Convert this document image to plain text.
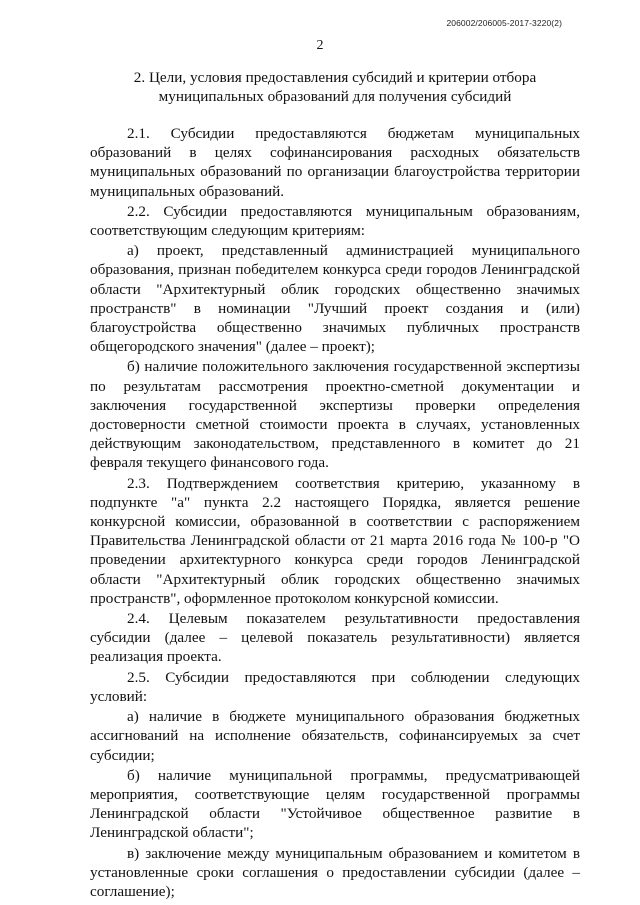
206002/206005-2017-3220(2)
2
2. Цели, условия предоставления субсидий и критерии отбора муниципальных образований для получения субсидий

2.1. Субсидии предоставляются бюджетам муниципальных образований в целях софинансирования расходных обязательств муниципальных образований по организации благоустройства территории муниципальных образований.

2.2. Субсидии предоставляются муниципальным образованиям, соответствующим следующим критериям:

а) проект, представленный администрацией муниципального образования, признан победителем конкурса среди городов Ленинградской области "Архитектурный облик городских общественно значимых пространств" в номинации "Лучший проект создания и (или) благоустройства общественно значимых публичных пространств общегородского значения" (далее – проект);

б) наличие положительного заключения государственной экспертизы по результатам рассмотрения проектно-сметной документации и заключения государственной экспертизы проверки определения достоверности сметной стоимости проекта в случаях, установленных действующим законодательством, представленного в комитет до 21 февраля текущего финансового года.

2.3. Подтверждением соответствия критерию, указанному в подпункте "а" пункта 2.2 настоящего Порядка, является решение конкурсной комиссии, образованной в соответствии с распоряжением Правительства Ленинградской области от 21 марта 2016 года № 100-р "О проведении архитектурного конкурса среди городов Ленинградской области "Архитектурный облик городских общественно значимых пространств", оформленное протоколом конкурсной комиссии.

2.4. Целевым показателем результативности предоставления субсидии (далее – целевой показатель результативности) является реализация проекта.

2.5. Субсидии предоставляются при соблюдении следующих условий:

а) наличие в бюджете муниципального образования бюджетных ассигнований на исполнение обязательств, софинансируемых за счет субсидии;

б) наличие муниципальной программы, предусматривающей мероприятия, соответствующие целям государственной программы Ленинградской области "Устойчивое общественное развитие в Ленинградской области";

в) заключение между муниципальным образованием и комитетом в установленные сроки соглашения о предоставлении субсидии (далее – соглашение);
